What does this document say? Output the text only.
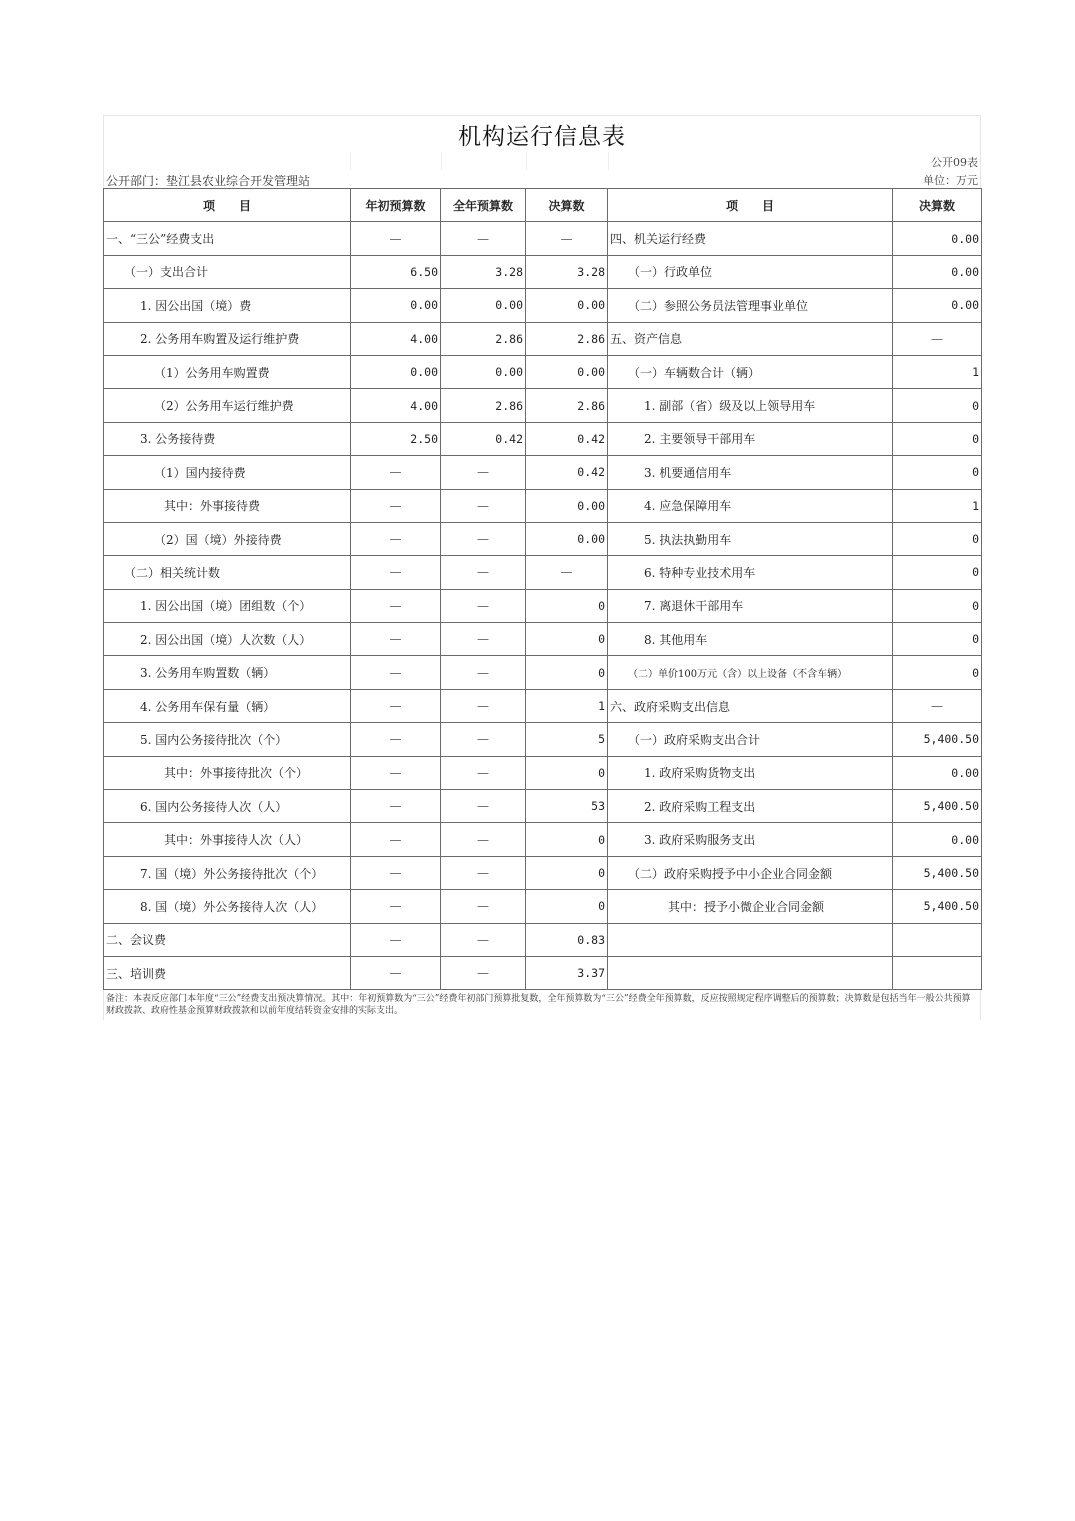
机构运行信息表
公开09表
公开部门：垫江县农业综合开发管理站	单位：万元
项　　目	年初预算数	全年预算数	决算数	项　　目	决算数
一、“三公”经费支出	—	—	—	四、机关运行经费	0.00
（一）支出合计	6.50	3.28	3.28	（一）行政单位	0.00
1. 因公出国（境）费	0.00	0.00	0.00	（二）参照公务员法管理事业单位	0.00
2. 公务用车购置及运行维护费	4.00	2.86	2.86	五、资产信息	—
（1）公务用车购置费	0.00	0.00	0.00	（一）车辆数合计（辆）	1
（2）公务用车运行维护费	4.00	2.86	2.86	1. 副部（省）级及以上领导用车	0
3. 公务接待费	2.50	0.42	0.42	2. 主要领导干部用车	0
（1）国内接待费	—	—	0.42	3. 机要通信用车	0
其中：外事接待费	—	—	0.00	4. 应急保障用车	1
（2）国（境）外接待费	—	—	0.00	5. 执法执勤用车	0
（二）相关统计数	—	—	—	6. 特种专业技术用车	0
1. 因公出国（境）团组数（个）	—	—	0	7. 离退休干部用车	0
2. 因公出国（境）人次数（人）	—	—	0	8. 其他用车	0
3. 公务用车购置数（辆）	—	—	0	（二）单价100万元（含）以上设备（不含车辆）	0
4. 公务用车保有量（辆）	—	—	1	六、政府采购支出信息	—
5. 国内公务接待批次（个）	—	—	5	（一）政府采购支出合计	5,400.50
其中：外事接待批次（个）	—	—	0	1. 政府采购货物支出	0.00
6. 国内公务接待人次（人）	—	—	53	2. 政府采购工程支出	5,400.50
其中：外事接待人次（人）	—	—	0	3. 政府采购服务支出	0.00
7. 国（境）外公务接待批次（个）	—	—	0	（二）政府采购授予中小企业合同金额	5,400.50
8. 国（境）外公务接待人次（人）	—	—	0	其中：授予小微企业合同金额	5,400.50
二、会议费	—	—	0.83		
三、培训费	—	—	3.37		
备注：本表反应部门本年度“三公”经费支出预决算情况。其中：年初预算数为“三公”经费年初部门预算批复数，全年预算数为“三公”经费全年预算数，反应按照规定程序调整后的预算数；决算数是包括当年一般公共预算财政拨款、政府性基金预算财政拨款和以前年度结转资金安排的实际支出。
